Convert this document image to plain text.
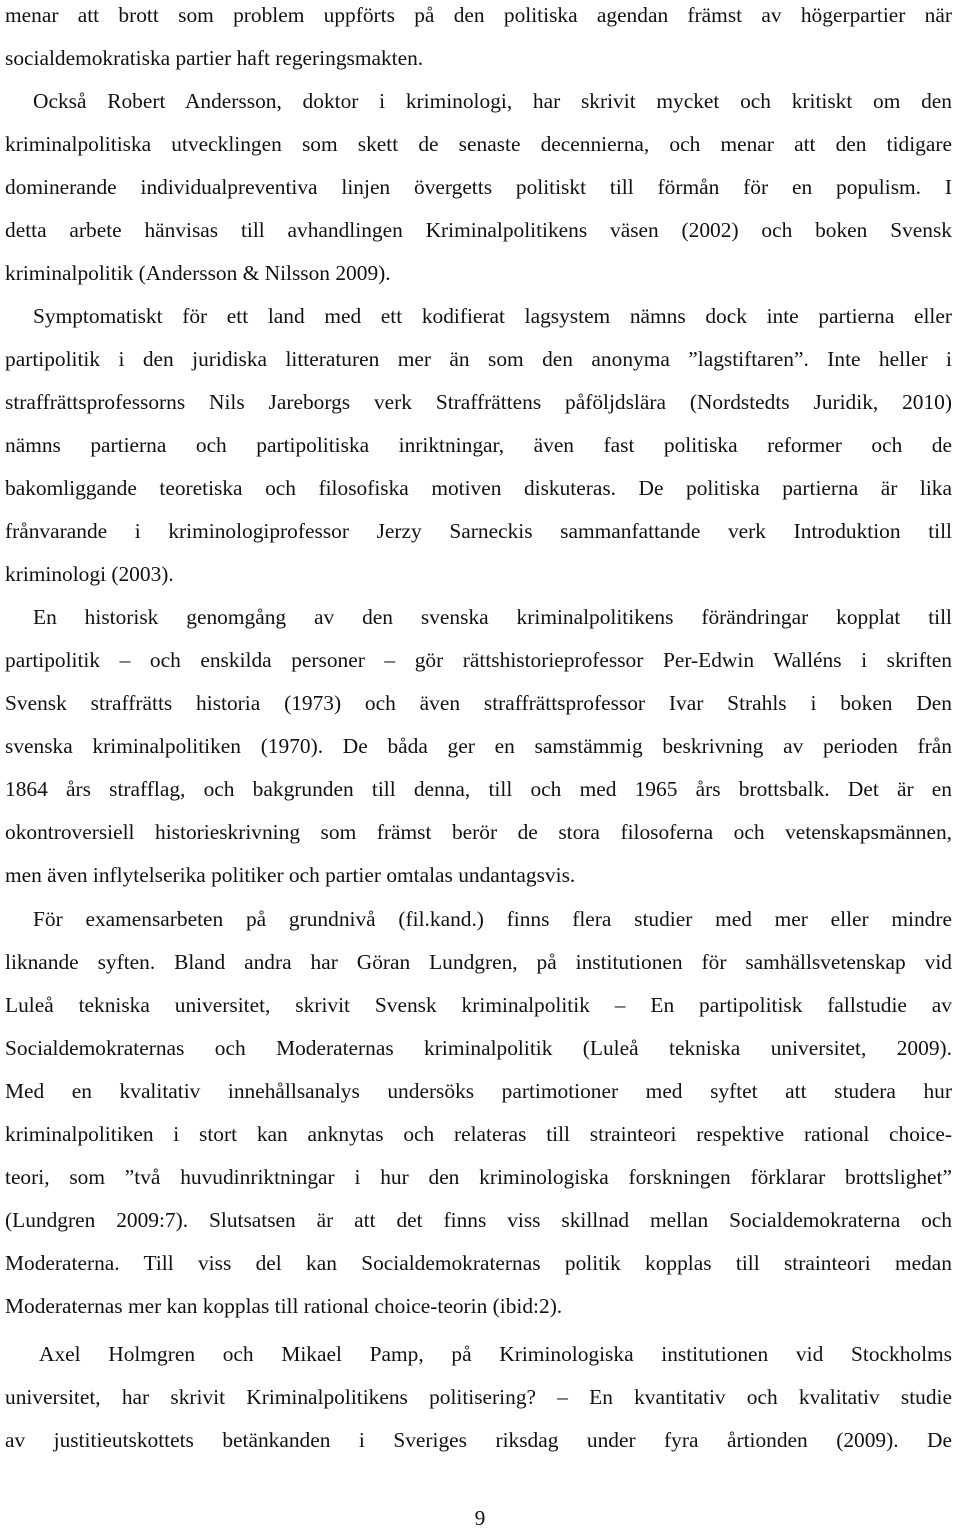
menar att brott som problem uppförts på den politiska agendan främst av högerpartier när
socialdemokratiska partier haft regeringsmakten.
Också Robert Andersson, doktor i kriminologi, har skrivit mycket och kritiskt om den
kriminalpolitiska utvecklingen som skett de senaste decennierna, och menar att den tidigare
dominerande individualpreventiva linjen övergetts politiskt till förmån för en populism. I
detta arbete hänvisas till avhandlingen Kriminalpolitikens väsen (2002) och boken Svensk
kriminalpolitik (Andersson & Nilsson 2009).
Symptomatiskt för ett land med ett kodifierat lagsystem nämns dock inte partierna eller
partipolitik i den juridiska litteraturen mer än som den anonyma ”lagstiftaren”. Inte heller i
straffrättsprofessorns Nils Jareborgs verk Straffrättens påföljdslära (Nordstedts Juridik, 2010)
nämns partierna och partipolitiska inriktningar, även fast politiska reformer och de
bakomliggande teoretiska och filosofiska motiven diskuteras. De politiska partierna är lika
frånvarande i kriminologiprofessor Jerzy Sarneckis sammanfattande verk Introduktion till
kriminologi (2003).
En historisk genomgång av den svenska kriminalpolitikens förändringar kopplat till
partipolitik – och enskilda personer – gör rättshistorieprofessor Per-Edwin Walléns i skriften
Svensk straffrätts historia (1973) och även straffrättsprofessor Ivar Strahls i boken Den
svenska kriminalpolitiken (1970). De båda ger en samstämmig beskrivning av perioden från
1864 års strafflag, och bakgrunden till denna, till och med 1965 års brottsbalk. Det är en
okontroversiell historieskrivning som främst berör de stora filosoferna och vetenskapsmännen,
men även inflytelserika politiker och partier omtalas undantagsvis.
För examensarbeten på grundnivå (fil.kand.) finns flera studier med mer eller mindre
liknande syften. Bland andra har Göran Lundgren, på institutionen för samhällsvetenskap vid
Luleå tekniska universitet, skrivit Svensk kriminalpolitik – En partipolitisk fallstudie av
Socialdemokraternas och Moderaternas kriminalpolitik (Luleå tekniska universitet, 2009).
Med en kvalitativ innehållsanalys undersöks partimotioner med syftet att studera hur
kriminalpolitiken i stort kan anknytas och relateras till strainteori respektive rational choice-
teori, som ”två huvudinriktningar i hur den kriminologiska forskningen förklarar brottslighet”
(Lundgren 2009:7). Slutsatsen är att det finns viss skillnad mellan Socialdemokraterna och
Moderaterna. Till viss del kan Socialdemokraternas politik kopplas till strainteori medan
Moderaternas mer kan kopplas till rational choice-teorin (ibid:2).
Axel Holmgren och Mikael Pamp, på Kriminologiska institutionen vid Stockholms
universitet, har skrivit Kriminalpolitikens politisering? – En kvantitativ och kvalitativ studie
av justitieutskottets betänkanden i Sveriges riksdag under fyra årtionden (2009). De
9
